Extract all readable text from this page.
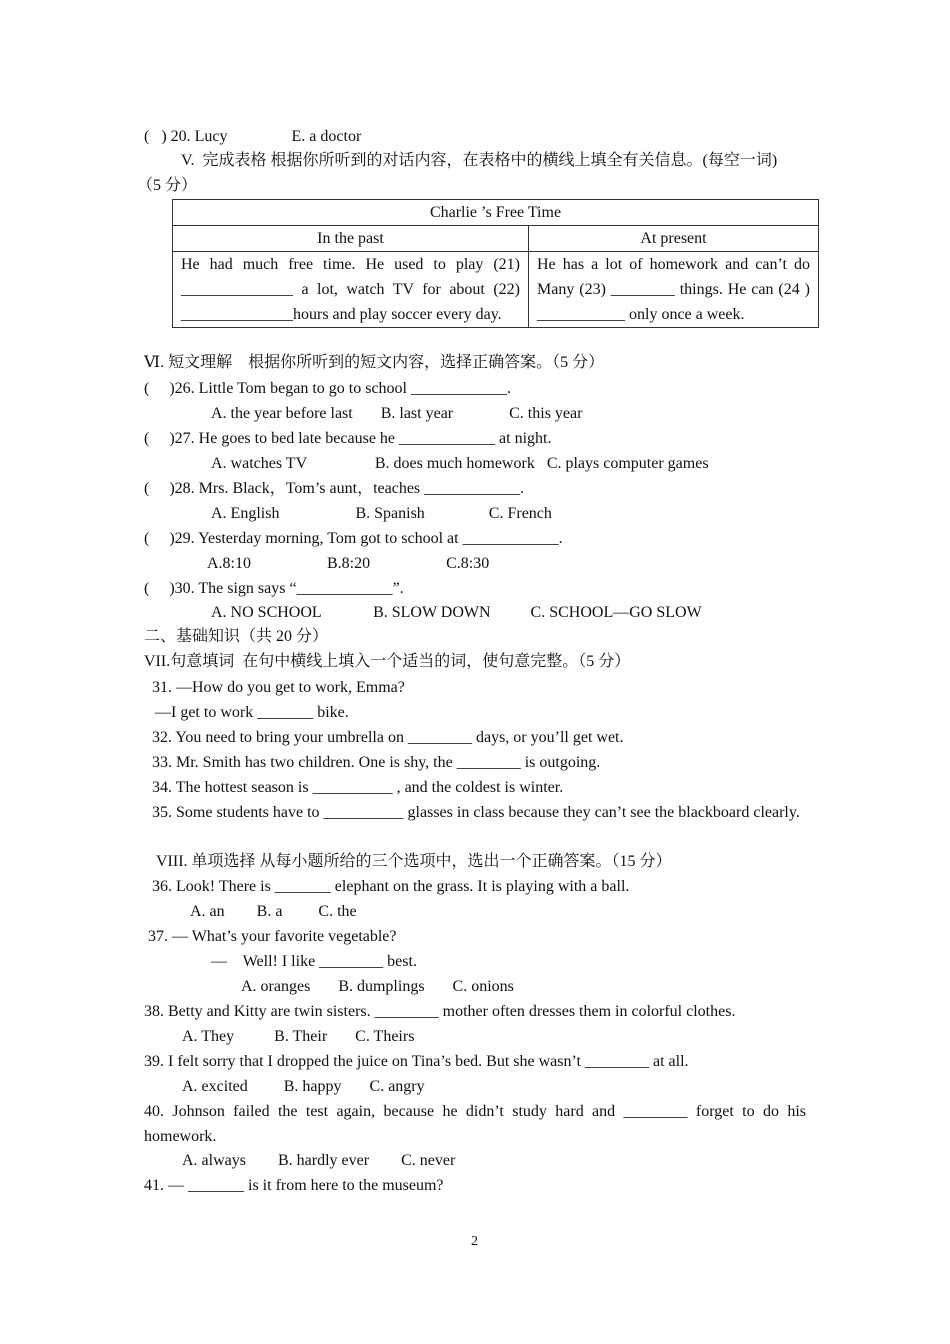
(   ) 20. Lucy                E. a doctor
V.  完成表格 根据你所听到的对话内容，在表格中的横线上填全有关信息。(每空一词)
（5 分）
Charlie ’s Free Time	
In the past	At present
He had much free time. He used to play (21) ______________ a lot, watch TV for about (22) ______________hours and play soccer every day.	He has a lot of homework and can’t do Many (23) ________ things. He can (24 ) ___________ only once a week.
Ⅵ. 短文理解    根据你所听到的短文内容，选择正确答案。（5 分）
(     )26. Little Tom began to go to school ____________.
A. the year before last       B. last year              C. this year
(     )27. He goes to bed late because he ____________ at night.
A. watches TV                 B. does much homework   C. plays computer games
(     )28. Mrs. Black，Tom’s aunt，teaches ____________.
A. English                   B. Spanish                C. French
(     )29. Yesterday morning, Tom got to school at ____________.
A.8:10                   B.8:20                   C.8:30
(     )30. The sign says “____________”.
A. NO SCHOOL             B. SLOW DOWN          C. SCHOOL—GO SLOW
二、基础知识（共 20 分）
VII.句意填词  在句中横线上填入一个适当的词，使句意完整。（5 分）
31. —How do you get to work, Emma?
—I get to work _______ bike.
32. You need to bring your umbrella on ________ days, or you’ll get wet.
33. Mr. Smith has two children. One is shy, the ________ is outgoing.
34. The hottest season is __________ , and the coldest is winter.
35. Some students have to __________ glasses in class because they can’t see the blackboard clearly.
VIII. 单项选择 从每小题所给的三个选项中，选出一个正确答案。（15 分）
36. Look! There is _______ elephant on the grass. It is playing with a ball.
A. an        B. a         C. the
37. — What’s your favorite vegetable?
—    Well! I like ________ best.
A. oranges       B. dumplings       C. onions
38. Betty and Kitty are twin sisters. ________ mother often dresses them in colorful clothes.
A. They          B. Their       C. Theirs
39. I felt sorry that I dropped the juice on Tina’s bed. But she wasn’t ________ at all.
A. excited         B. happy       C. angry
40. Johnson failed the test again, because he didn’t study hard and ________ forget to do his homework.
A. always        B. hardly ever        C. never
41. — _______ is it from here to the museum?
2
